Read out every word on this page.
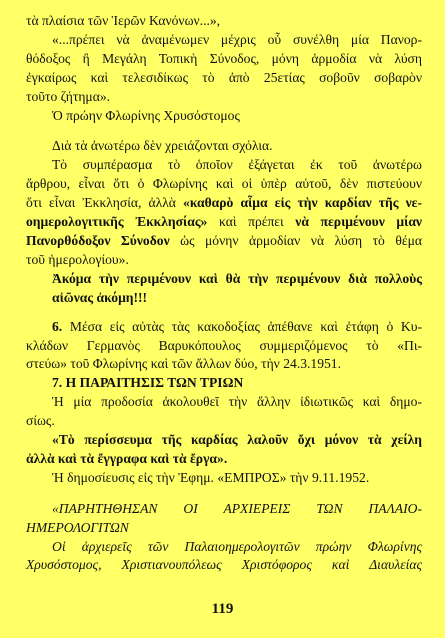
τὰ πλαίσια τῶν Ἱερῶν Κανόνων...»,
«...πρέπει νὰ ἀναμένωμεν μέχρις οὗ συνέλθη μία Πανορ-
θόδοξος ἢ Μεγάλη Τοπικὴ Σύνοδος, μόνη ἁρμοδία νὰ λύση
ἐγκαίρως καὶ τελεσιδίκως τὸ ἀπὸ 25ετίας σοβοῦν σοβαρὸν
τοῦτο ζήτημα».
Ὁ πρώην Φλωρίνης Χρυσόστομος
Διὰ τὰ ἀνωτέρω δὲν χρειάζονται σχόλια.
Τὸ συμπέρασμα τὸ ὁποῖον ἐξάγεται ἐκ τοῦ ἀνωτέρω
ἄρθρου, εἶναι ὅτι ὁ Φλωρίνης καὶ οἱ ὑπὲρ αὐτοῦ, δὲν πιστεύουν
ὅτι εἶναι Ἐκκλησία, ἀλλὰ «καθαρὸ αἷμα εἰς τὴν καρδίαν τῆς νε-
οημερολογιτικῆς Ἐκκλησίας» καὶ πρέπει νὰ περιμένουν μίαν
Πανορθόδοξον Σύνοδον ὡς μόνην ἁρμοδίαν νὰ λύση τὸ θέμα
τοῦ ἡμερολογίου».
Ἀκόμα τὴν περιμένουν καὶ θὰ τὴν περιμένουν διὰ πολλοὺς
αἰῶνας ἀκόμη!!!
6. Μέσα εἰς αὐτὰς τὰς κακοδοξίας ἀπέθανε καὶ ἐτάφη ὁ Κυ-
κλάδων Γερμανὸς Βαρυκόπουλος συμμεριζόμενος τὸ «Πι-
στεύω» τοῦ Φλωρίνης καὶ τῶν ἄλλων δύο, τὴν 24.3.1951.
7. Η ΠΑΡΑΙΤΗΣΙΣ ΤΩΝ ΤΡΙΩΝ
Ἡ μία προδοσία ἀκολουθεῖ τὴν ἄλλην ἰδιωτικῶς καὶ δημο-
σίως.
«Τὸ περίσσευμα τῆς καρδίας λαλοῦν ὄχι μόνον τὰ χείλη
ἀλλὰ καὶ τὰ ἔγγραφα καὶ τὰ ἔργα».
Ἡ δημοσίευσις εἰς τὴν Ἐφημ. «ΕΜΠΡΟΣ» τὴν 9.11.1952.
«ΠΑΡΗΤΗΘΗΣΑΝ ΟΙ ΑΡΧΙΕΡΕΙΣ ΤΩΝ ΠΑΛΑΙΟ-
ΗΜΕΡΟΛΟΓΙΤΩΝ
Οἱ ἀρχιερεῖς τῶν Παλαιοημερολογιτῶν πρώην Φλωρίνης
Χρυσόστομος, Χριστιανουπόλεως Χριστόφορος καὶ Διαυλείας
119
